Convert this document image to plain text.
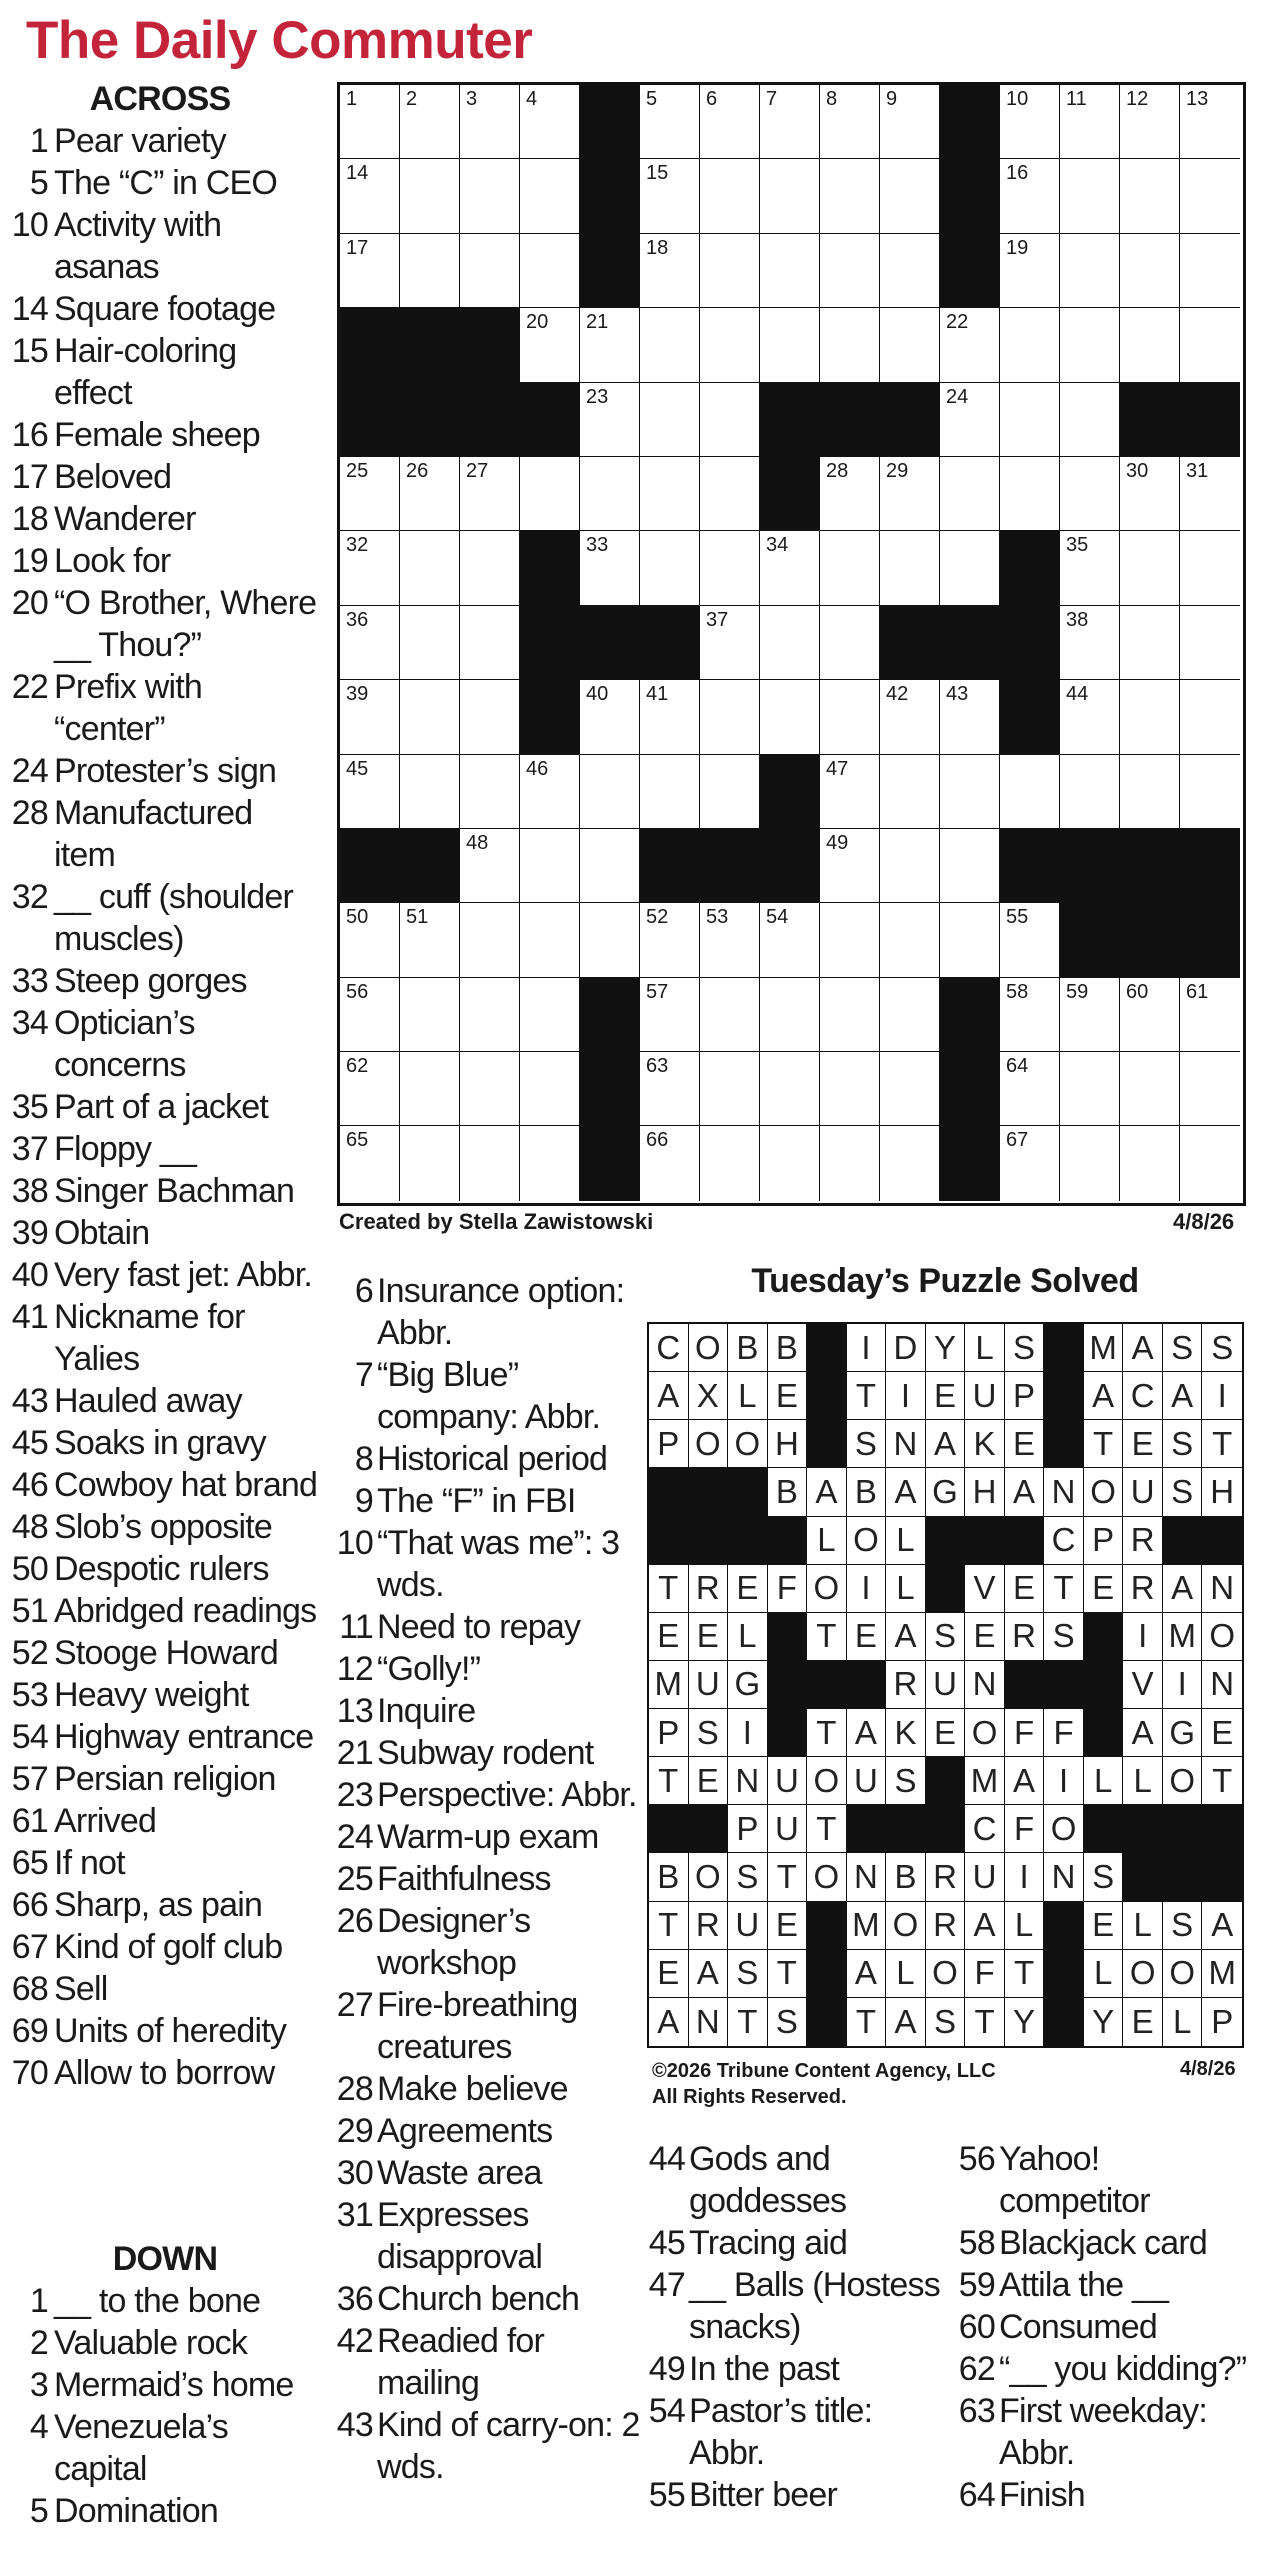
The Daily Commuter
ACROSS
1 Pear variety
5 The “C” in CEO
10 Activity with asanas
14 Square footage
15 Hair-coloring effect
16 Female sheep
17 Beloved
18 Wanderer
19 Look for
20 “O Brother, Where __ Thou?”
22 Prefix with “center”
24 Protester’s sign
28 Manufactured item
32 __ cuff (shoulder muscles)
33 Steep gorges
34 Optician’s concerns
35 Part of a jacket
37 Floppy __
38 Singer Bachman
39 Obtain
40 Very fast jet: Abbr.
41 Nickname for Yalies
43 Hauled away
45 Soaks in gravy
46 Cowboy hat brand
48 Slob’s opposite
50 Despotic rulers
51 Abridged readings
52 Stooge Howard
53 Heavy weight
54 Highway entrance
57 Persian religion
61 Arrived
65 If not
66 Sharp, as pain
67 Kind of golf club
68 Sell
69 Units of heredity
70 Allow to borrow
DOWN
1 __ to the bone
2 Valuable rock
3 Mermaid’s home
4 Venezuela’s capital
5 Domination
6 Insurance option: Abbr.
7 “Big Blue” company: Abbr.
8 Historical period
9 The “F” in FBI
10 “That was me”: 3 wds.
11 Need to repay
12 “Golly!”
13 Inquire
21 Subway rodent
23 Perspective: Abbr.
24 Warm-up exam
25 Faithfulness
26 Designer’s workshop
27 Fire-breathing creatures
28 Make believe
29 Agreements
30 Waste area
31 Expresses disapproval
36 Church bench
42 Readied for mailing
43 Kind of carry-on: 2 wds.
44 Gods and goddesses
45 Tracing aid
47 __ Balls (Hostess snacks)
49 In the past
54 Pastor’s title: Abbr.
55 Bitter beer
56 Yahoo! competitor
58 Blackjack card
59 Attila the __
60 Consumed
62 “__ you kidding?”
63 First weekday: Abbr.
64 Finish
1 2 3 4	5 6 7 8 9	10 11 12 13
14	15	16
17	18	19
20 21	22
23	24
25 26 27	28 29	30 31
32	33	34	35
36	37	38
39	40 41	42 43	44
45	46	47
48	49
50 51	52 53 54	55
56	57	58 59 60 61
62	63	64
65	66	67
Created by Stella Zawistowski	4/8/26
Tuesday’s Puzzle Solved
C O B B	I D Y L S M A S S
A X L E T I E U P A C A I
P O O H S N A K E T E S T
B A B A G H A N O U S H
L O L	C P R
T R E F O I L	V E T E R A N
E E L	T E A S E R S	I M O
M U G	R U N	V I N
P S I	T A K E O F F	A G E
T E N U O U S M A I L L O T
P U T	C F O
B O S T O N B R U I N S
T R U E M O R A L	E L S A
E A S T	A L O F T	L O O M
A N T S T A S T Y Y E L P
©2026 Tribune Content Agency, LLC
All Rights Reserved.
4/8/26
